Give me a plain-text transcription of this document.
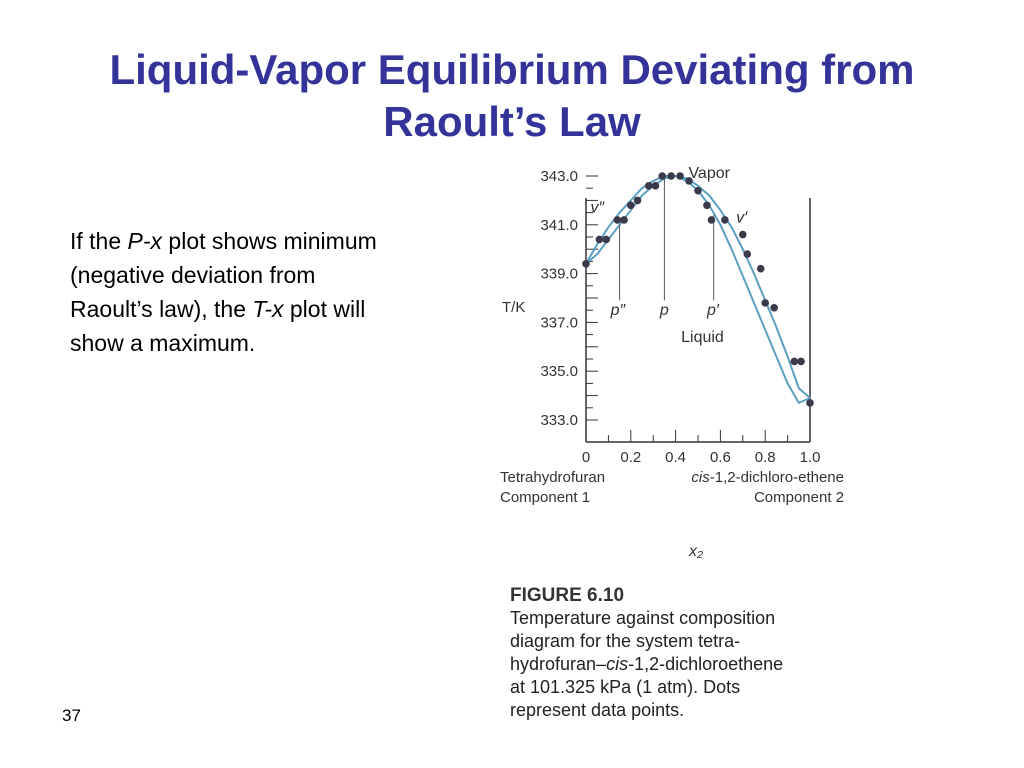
Liquid-Vapor Equilibrium Deviating from
Raoult’s Law
If the P-x plot shows minimum (negative deviation from Raoult’s law), the T-x plot will show a maximum.
343.0
341.0
339.0
337.0
335.0
333.0
0 0.2 0.4 0.6 0.8 1.0
T/K
x₂
Tetrahydrofuran
Component 1
cis-1,2-dichloro-ethene
Component 2
Vapor
Liquid
v″
v′
p″ p p′
FIGURE 6.10
Temperature against composition
diagram for the system tetra-
hydrofuran–cis-1,2-dichloroethene
at 101.325 kPa (1 atm). Dots
represent data points.
37
